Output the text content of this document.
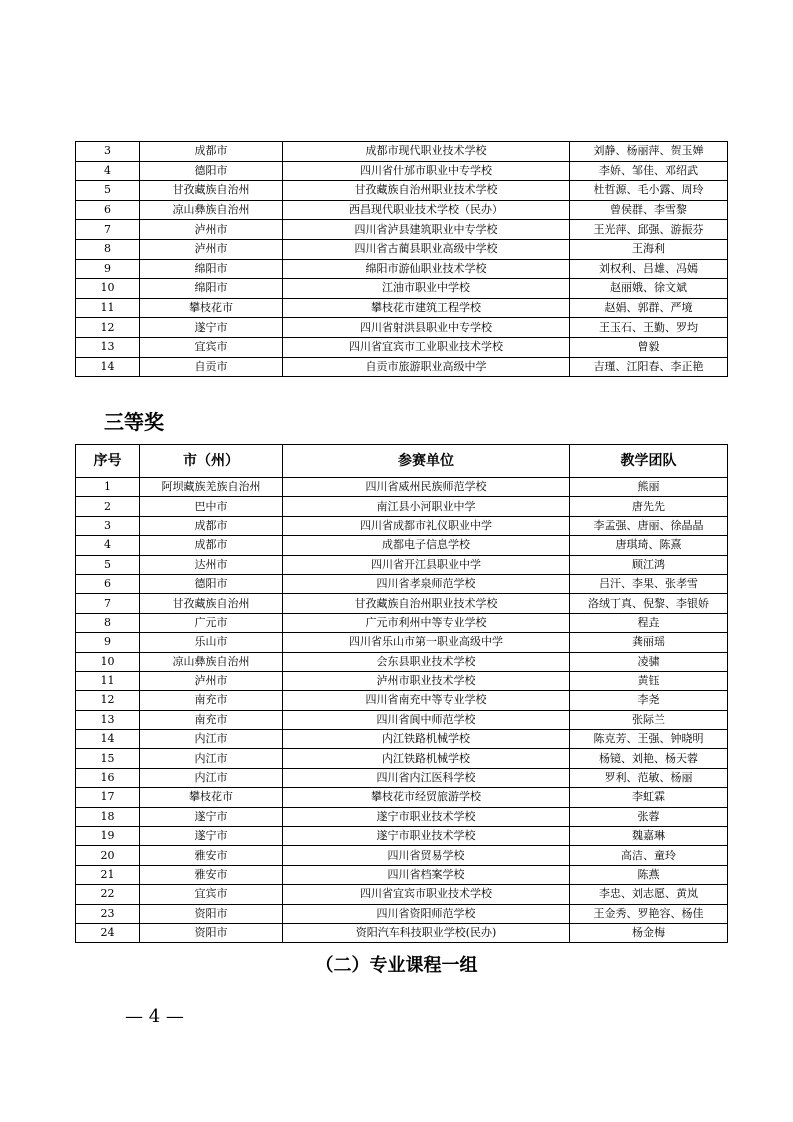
3	成都市	成都市现代职业技术学校	刘静、杨丽萍、贺玉婵
4	德阳市	四川省什邡市职业中专学校	李娇、邹佳、邓绍武
5	甘孜藏族自治州	甘孜藏族自治州职业技术学校	杜哲源、毛小露、周玲
6	凉山彝族自治州	西昌现代职业技术学校（民办）	曾侯群、李雪黎
7	泸州市	四川省泸县建筑职业中专学校	王光萍、邱强、游振芬
8	泸州市	四川省古蔺县职业高级中学校	王海利
9	绵阳市	绵阳市游仙职业技术学校	刘权利、吕雄、冯嫣
10	绵阳市	江油市职业中学校	赵丽娥、徐文斌
11	攀枝花市	攀枝花市建筑工程学校	赵娟、郭群、严境
12	遂宁市	四川省射洪县职业中专学校	王玉石、王勤、罗均
13	宜宾市	四川省宜宾市工业职业技术学校	曾毅
14	自贡市	自贡市旅游职业高级中学	吉瑾、江阳春、李正艳
三等奖
序号	市（州）	参赛单位	教学团队
1	阿坝藏族羌族自治州	四川省威州民族师范学校	熊丽
2	巴中市	南江县小河职业中学	唐先先
3	成都市	四川省成都市礼仪职业中学	李孟强、唐丽、徐晶晶
4	成都市	成都电子信息学校	唐琪琦、陈熹
5	达州市	四川省开江县职业中学	顾江鸿
6	德阳市	四川省孝泉师范学校	吕汗、李果、张孝雪
7	甘孜藏族自治州	甘孜藏族自治州职业技术学校	洛绒丁真、倪黎、李银娇
8	广元市	广元市利州中等专业学校	程垚
9	乐山市	四川省乐山市第一职业高级中学	龚丽瑶
10	凉山彝族自治州	会东县职业技术学校	凌骕
11	泸州市	泸州市职业技术学校	黄钰
12	南充市	四川省南充中等专业学校	李尧
13	南充市	四川省阆中师范学校	张际兰
14	内江市	内江铁路机械学校	陈克芳、王强、钟晓明
15	内江市	内江铁路机械学校	杨镜、刘艳、杨天蓉
16	内江市	四川省内江医科学校	罗利、范敏、杨丽
17	攀枝花市	攀枝花市经贸旅游学校	李虹霖
18	遂宁市	遂宁市职业技术学校	张蓉
19	遂宁市	遂宁市职业技术学校	魏嘉琳
20	雅安市	四川省贸易学校	高洁、童玲
21	雅安市	四川省档案学校	陈燕
22	宜宾市	四川省宜宾市职业技术学校	李忠、刘志愿、黄岚
23	资阳市	四川省资阳师范学校	王金秀、罗艳容、杨佳
24	资阳市	资阳汽车科技职业学校(民办)	杨金梅
（二）专业课程一组
— 4 —
